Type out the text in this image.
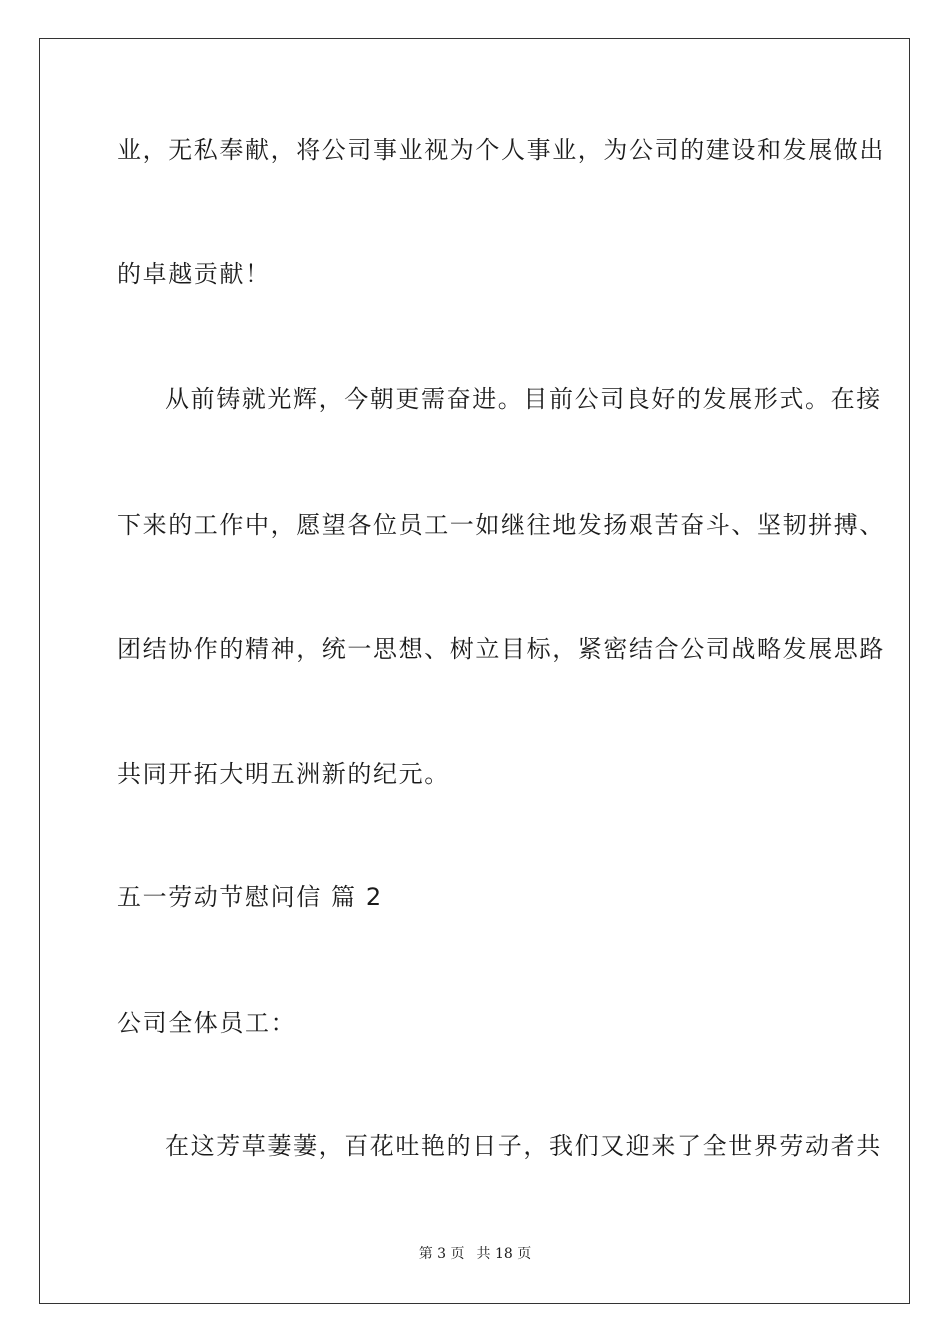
业，无私奉献，将公司事业视为个人事业，为公司的建设和发展做出
的卓越贡献！
从前铸就光辉，今朝更需奋进。目前公司良好的发展形式。在接
下来的工作中，愿望各位员工一如继往地发扬艰苦奋斗、坚韧拼搏、
团结协作的精神，统一思想、树立目标，紧密结合公司战略发展思路
共同开拓大明五洲新的纪元。
五一劳动节慰问信 篇 2
公司全体员工：
在这芳草萋萋，百花吐艳的日子，我们又迎来了全世界劳动者共
第 3 页 共 18 页
